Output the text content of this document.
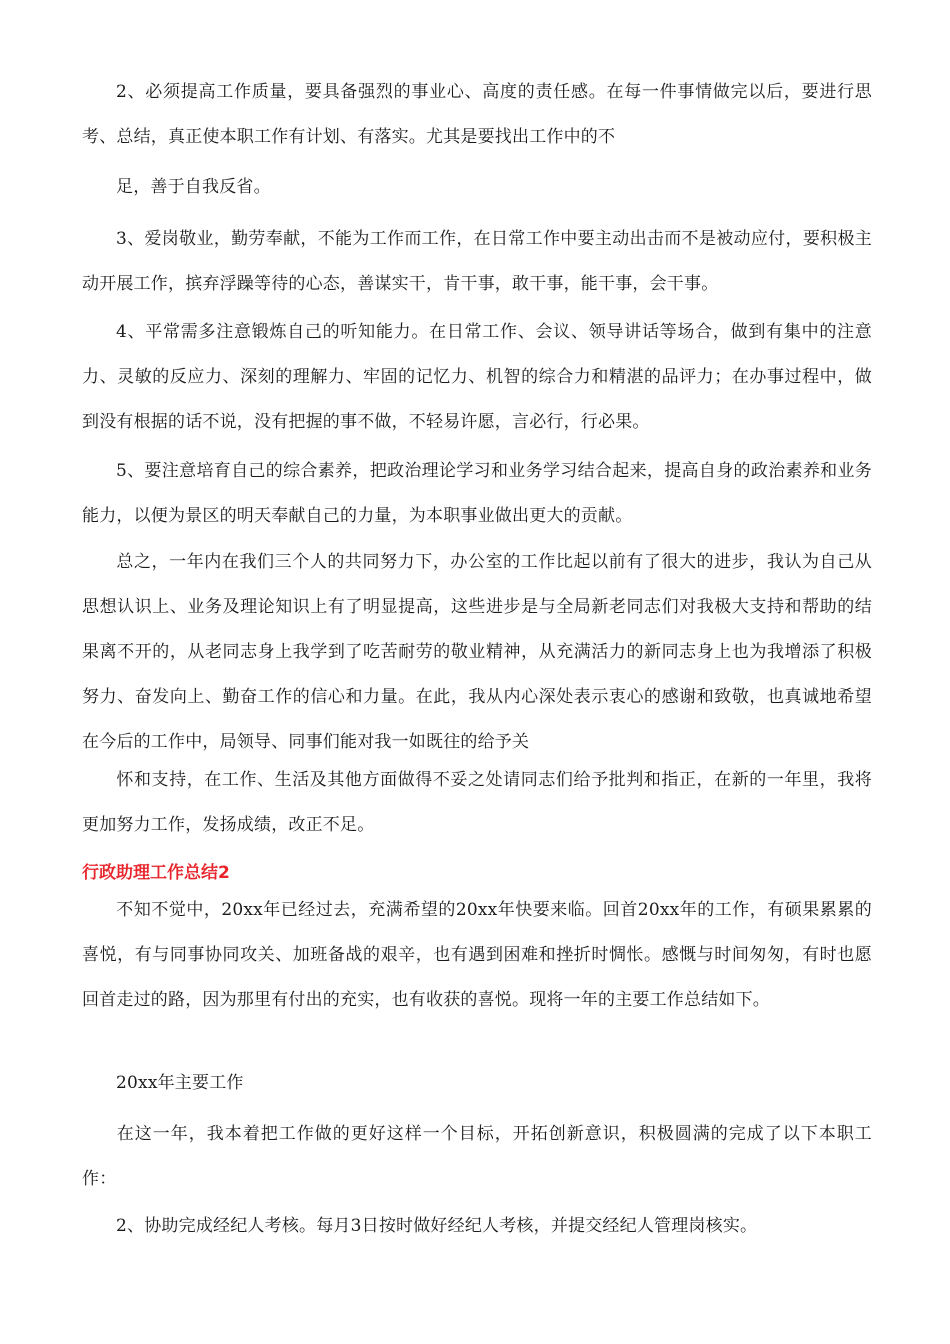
2、必须提高工作质量，要具备强烈的事业心、高度的责任感。在每一件事情做完以后，要进行思考、总结，真正使本职工作有计划、有落实。尤其是要找出工作中的不

足，善于自我反省。

3、爱岗敬业，勤劳奉献，不能为工作而工作，在日常工作中要主动出击而不是被动应付，要积极主动开展工作，摈弃浮躁等待的心态，善谋实干，肯干事，敢干事，能干事，会干事。

4、平常需多注意锻炼自己的听知能力。在日常工作、会议、领导讲话等场合，做到有集中的注意力、灵敏的反应力、深刻的理解力、牢固的记忆力、机智的综合力和精湛的品评力；在办事过程中，做到没有根据的话不说，没有把握的事不做，不轻易许愿，言必行，行必果。

5、要注意培育自己的综合素养，把政治理论学习和业务学习结合起来，提高自身的政治素养和业务能力，以便为景区的明天奉献自己的力量，为本职事业做出更大的贡献。

总之，一年内在我们三个人的共同努力下，办公室的工作比起以前有了很大的进步，我认为自己从思想认识上、业务及理论知识上有了明显提高，这些进步是与全局新老同志们对我极大支持和帮助的结果离不开的，从老同志身上我学到了吃苦耐劳的敬业精神，从充满活力的新同志身上也为我增添了积极努力、奋发向上、勤奋工作的信心和力量。在此，我从内心深处表示衷心的感谢和致敬，也真诚地希望在今后的工作中，局领导、同事们能对我一如既往的给予关

怀和支持，在工作、生活及其他方面做得不妥之处请同志们给予批判和指正，在新的一年里，我将更加努力工作，发扬成绩，改正不足。

行政助理工作总结2

不知不觉中，20xx年已经过去，充满希望的20xx年快要来临。回首20xx年的工作，有硕果累累的喜悦，有与同事协同攻关、加班备战的艰辛，也有遇到困难和挫折时惆怅。感慨与时间匆匆，有时也愿回首走过的路，因为那里有付出的充实，也有收获的喜悦。现将一年的主要工作总结如下。

20xx年主要工作

在这一年，我本着把工作做的更好这样一个目标，开拓创新意识，积极圆满的完成了以下本职工作：

2、协助完成经纪人考核。每月3日按时做好经纪人考核，并提交经纪人管理岗核实。
